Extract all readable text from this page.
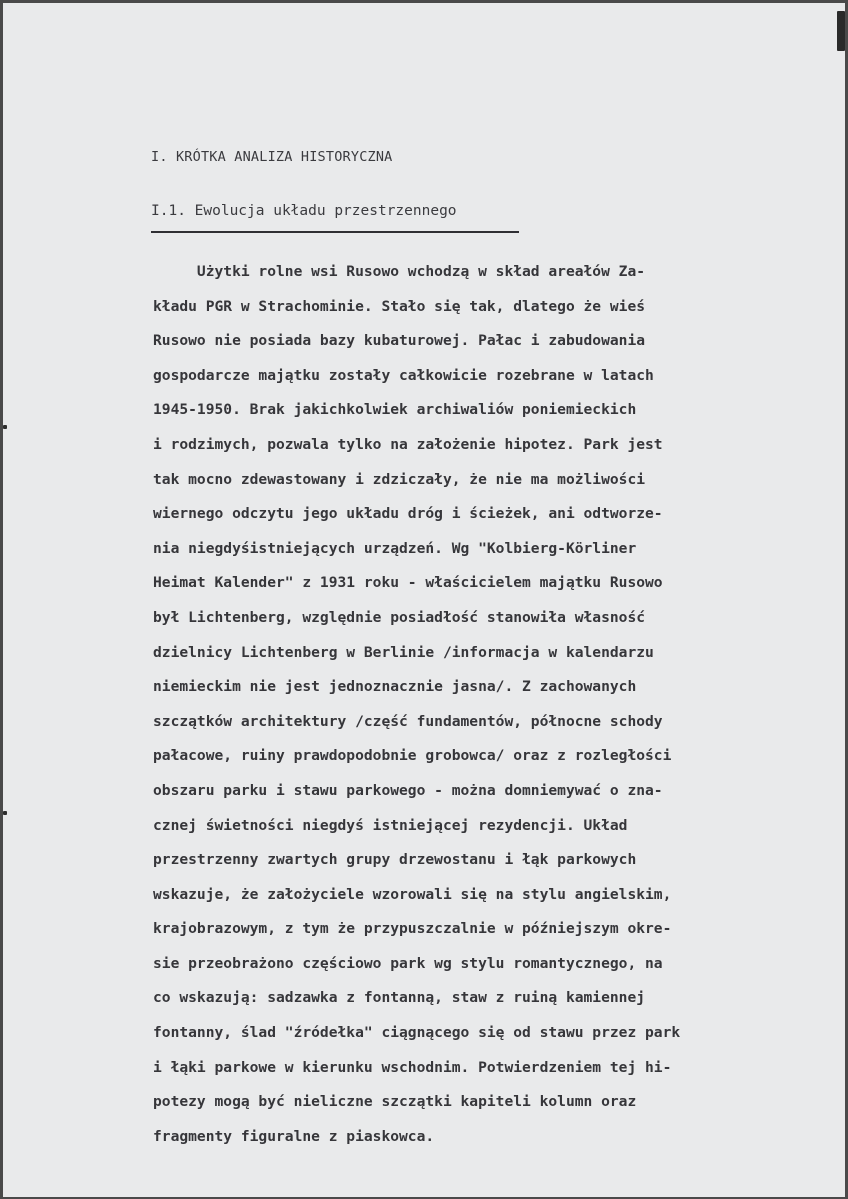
I. KRÓTKA ANALIZA HISTORYCZNA
I.1. Ewolucja układu przestrzennego
Użytki rolne wsi Rusowo wchodzą w skład areałów Za-
kładu PGR w Strachominie. Stało się tak, dlatego że wieś
Rusowo nie posiada bazy kubaturowej. Pałac i zabudowania
gospodarcze majątku zostały całkowicie rozebrane w latach
1945-1950. Brak jakichkolwiek archiwaliów poniemieckich
i rodzimych, pozwala tylko na założenie hipotez. Park jest
tak mocno zdewastowany i zdziczały, że nie ma możliwości
wiernego odczytu jego układu dróg i ścieżek, ani odtworze-
nia niegdyśistniejących urządzeń. Wg "Kolbierg-Körliner
Heimat Kalender" z 1931 roku - właścicielem majątku Rusowo
był Lichtenberg, względnie posiadłość stanowiła własność
dzielnicy Lichtenberg w Berlinie /informacja w kalendarzu
niemieckim nie jest jednoznacznie jasna/. Z zachowanych
szczątków architektury /część fundamentów, północne schody
pałacowe, ruiny prawdopodobnie grobowca/ oraz z rozległości
obszaru parku i stawu parkowego - można domniemywać o zna-
cznej świetności niegdyś istniejącej rezydencji. Układ
przestrzenny zwartych grupy drzewostanu i łąk parkowych
wskazuje, że założyciele wzorowali się na stylu angielskim,
krajobrazowym, z tym że przypuszczalnie w późniejszym okre-
sie przeobrażono częściowo park wg stylu romantycznego, na
co wskazują: sadzawka z fontanną, staw z ruiną kamiennej
fontanny, ślad "źródełka" ciągnącego się od stawu przez park
i łąki parkowe w kierunku wschodnim. Potwierdzeniem tej hi-
potezy mogą być nieliczne szczątki kapiteli kolumn oraz
fragmenty figuralne z piaskowca.
